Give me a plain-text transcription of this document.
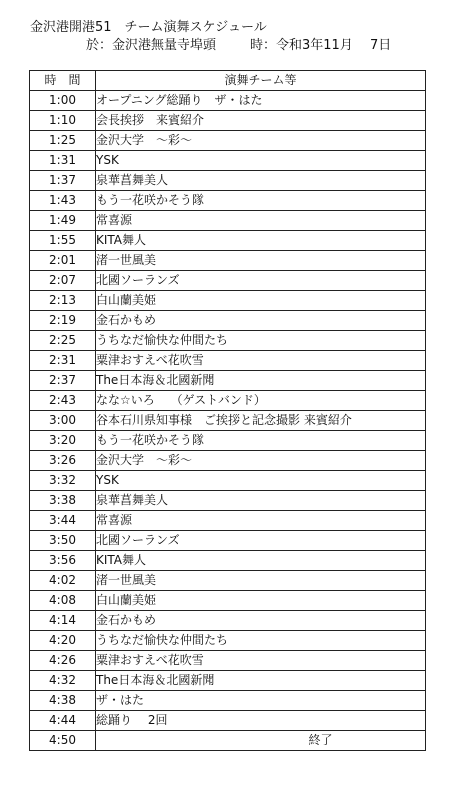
金沢港開港51　チーム演舞スケジュール
於：金沢港無量寺埠頭	時：令和3年11月　 7日
時　間	演舞チーム等
1:00	オープニング総踊り　ザ・はた
1:10	会長挨拶　来賓紹介
1:25	金沢大学　～彩～
1:31	YSK
1:37	泉華菖舞美人
1:43	もう一花咲かそう隊
1:49	常喜源
1:55	KITA舞人
2:01	渚一世風美
2:07	北國ソーランズ
2:13	白山蘭美姫
2:19	金石かもめ
2:25	うちなだ愉快な仲間たち
2:31	粟津おすえべ花吹雪
2:37	The日本海＆北國新聞
2:43	なな☆いろ　 （ゲストバンド）
3:00	谷本石川県知事様　ご挨拶と記念撮影 来賓紹介
3:20	もう一花咲かそう隊
3:26	金沢大学　～彩～
3:32	YSK
3:38	泉華菖舞美人
3:44	常喜源
3:50	北國ソーランズ
3:56	KITA舞人
4:02	渚一世風美
4:08	白山蘭美姫
4:14	金石かもめ
4:20	うちなだ愉快な仲間たち
4:26	粟津おすえべ花吹雪
4:32	The日本海＆北國新聞
4:38	ザ・はた
4:44	総踊り　 2回
4:50	終了
